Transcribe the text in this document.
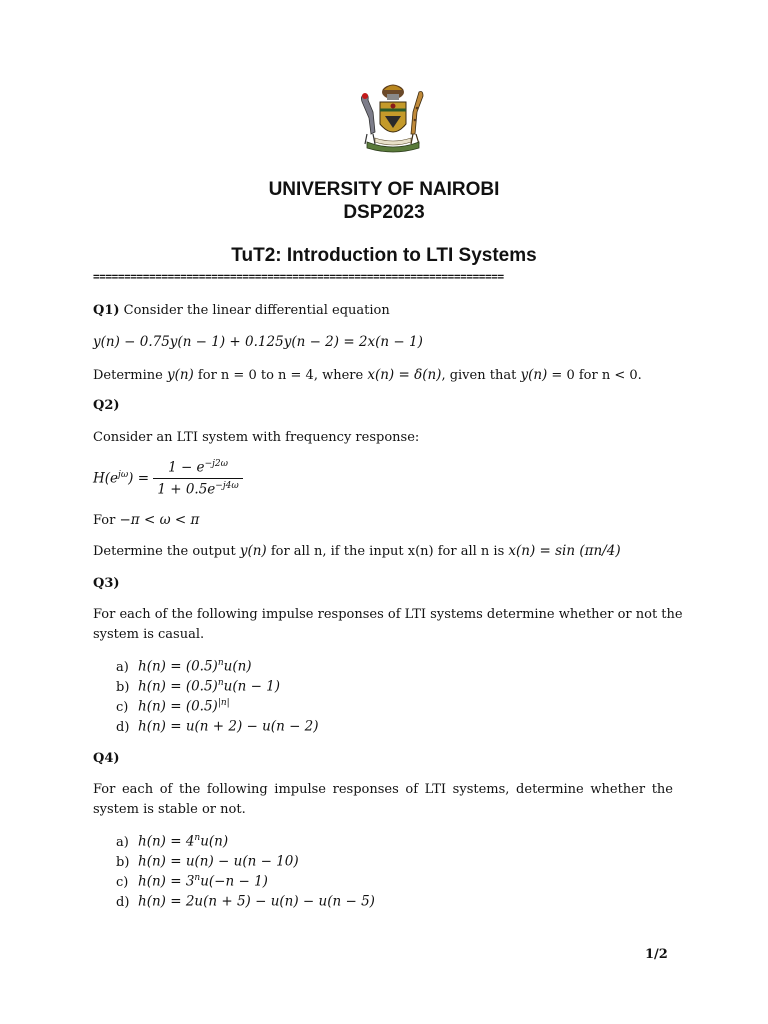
UNIVERSITY OF NAIROBI
DSP2023
TuT2: Introduction to LTI Systems
==================================================================
Q1) Consider the linear differential equation
y(n) − 0.75y(n − 1) + 0.125y(n − 2) = 2x(n − 1)
Determine y(n) for n = 0 to n = 4, where x(n) = δ(n), given that y(n) = 0 for n < 0.
Q2)
Consider an LTI system with frequency response:
$H(e^{j\omega}) = \frac{1 - e^{-j2\omega}}{1 + 0.5e^{-j4\omega}}$
For −π < ω < π
Determine the output y(n) for all n, if the input x(n) for all n is x(n) = sin (πn/4)
Q3)
For each of the following impulse responses of LTI systems determine whether or not the
system is casual.
a) $h(n) = (0.5)^nu(n)$
b) $h(n) = (0.5)^nu(n - 1)$
c) $h(n) = (0.5)^{|n|}$
d) h(n) = u(n + 2) − u(n − 2)
Q4)
For each of the following impulse responses of LTI systems, determine whether the
system is stable or not.
a) $h(n) = 4^nu(n)$
b) h(n) = u(n) − u(n − 10)
c) $h(n) = 3^nu(-n - 1)$
d) h(n) = 2u(n + 5) − u(n) − u(n − 5)
1/2
